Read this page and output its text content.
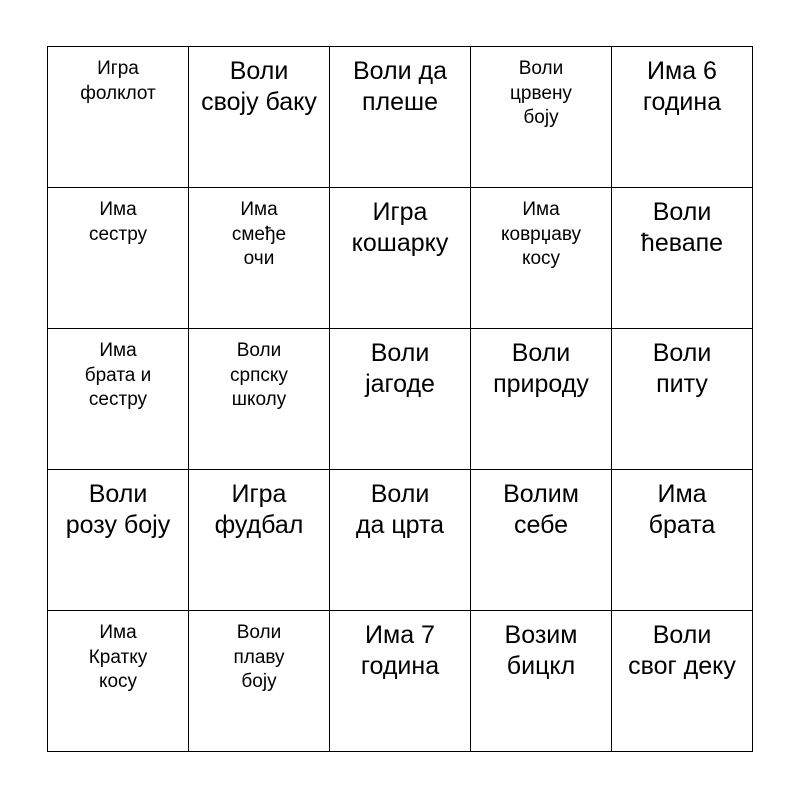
Игра
фолклот
Воли
своју баку
Воли да
плеше
Воли
црвену
боју
Има 6
година
Има
сестру
Има
смеђе
очи
Игра
кошарку
Има
коврџаву
косу
Воли
ћевапе
Има
брата и
сестру
Воли
српску
школу
Воли
јагоде
Воли
природу
Воли
питу
Воли
розу боју
Игра
фудбал
Воли
да црта
Волим
себе
Има
брата
Има
Кратку
косу
Воли
плаву
боју
Има 7
година
Возим
бицкл
Воли
свог деку
